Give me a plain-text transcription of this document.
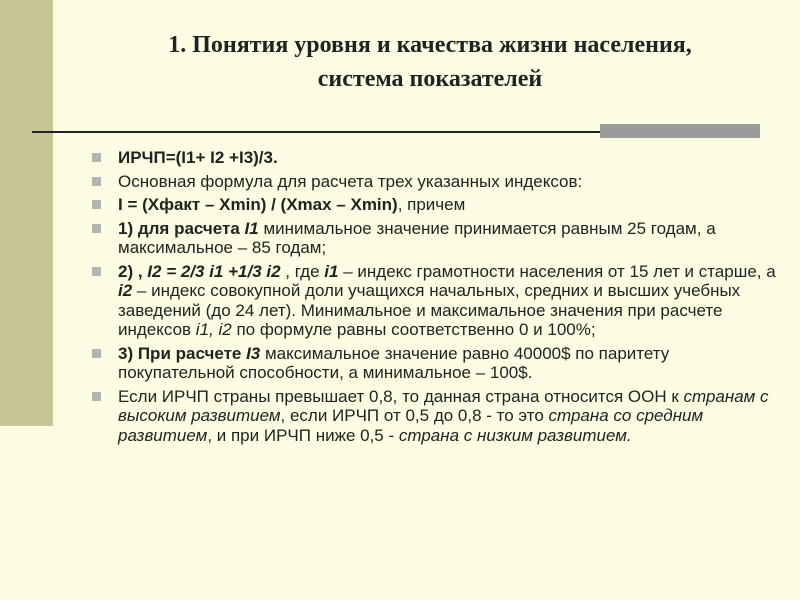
1. Понятия уровня и качества жизни населения,
система показателей
ИРЧП=(I1+ I2 +I3)/3.
Основная формула для расчета трех указанных индексов:
I = (Xфакт – Xmin) / (Xmax – Xmin), причем
1) для расчета I1 минимальное значение принимается равным 25 годам, а максимальное – 85 годам;
2) , I2 = 2/3 i1 +1/3 i2 , где i1 – индекс грамотности населения от 15 лет и старше, а i2 – индекс совокупной доли учащихся начальных, средних и высших учебных заведений (до 24 лет). Минимальное и максимальное значения при расчете индексов i1, i2 по формуле равны соответственно 0 и 100%;
3) При расчете I3 максимальное значение равно 40000$ по паритету покупательной способности, а минимальное – 100$.
Если ИРЧП страны превышает 0,8, то данная страна относится ООН к странам с высоким развитием, если ИРЧП от 0,5 до 0,8 - то это страна со средним развитием, и при ИРЧП ниже 0,5 - страна с низким развитием.
